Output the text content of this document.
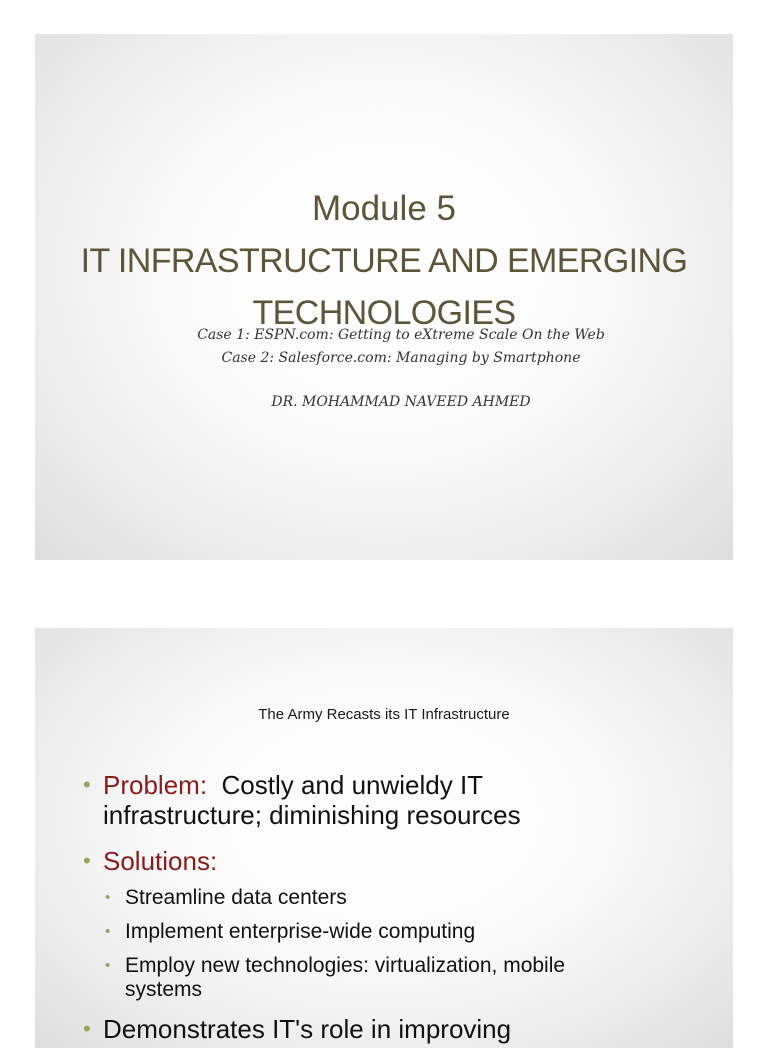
Module 5
IT INFRASTRUCTURE AND EMERGING
TECHNOLOGIES
Case 1: ESPN.com: Getting to eXtreme Scale On the Web
Case 2: Salesforce.com: Managing by Smartphone
DR. MOHAMMAD NAVEED AHMED
The Army Recasts its IT Infrastructure
• Problem: Costly and unwieldy IT
infrastructure; diminishing resources
• Solutions:
• Streamline data centers
• Implement enterprise-wide computing
• Employ new technologies: virtualization, mobile
systems
• Demonstrates IT's role in improving
